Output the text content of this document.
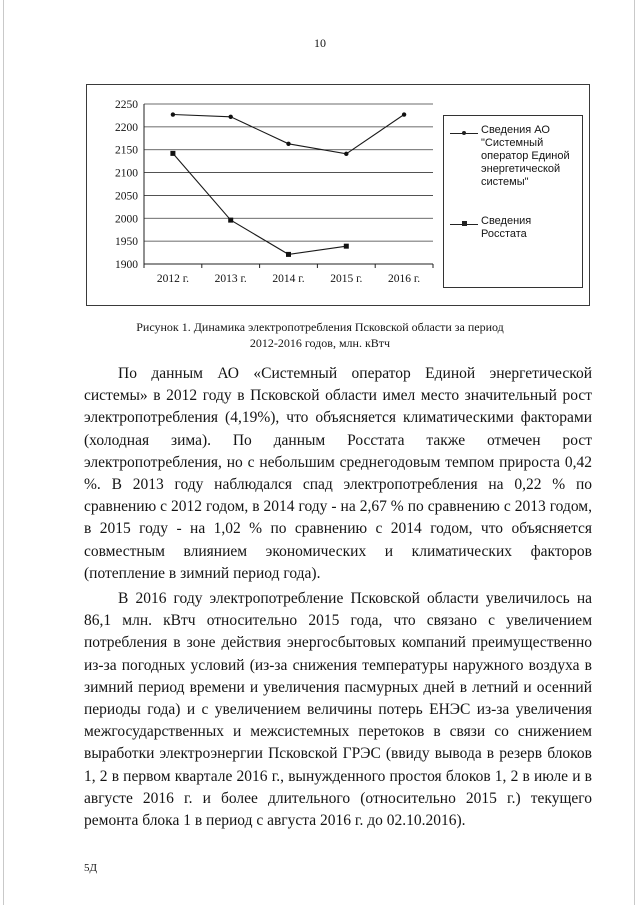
10
2250
2200
2150
2100
2050
2000
1950
1900
2012 г. 2013 г. 2014 г. 2015 г. 2016 г.
Сведения АО
"Системный
оператор Единой
энергетической
системы"
Сведения
Росстата
Рисунок 1. Динамика электропотребления Псковской области за период
2012-2016 годов, млн. кВтч

По данным АО «Системный оператор Единой энергетической системы» в 2012 году в Псковской области имел место значительный рост электропотребления (4,19%), что объясняется климатическими факторами (холодная зима). По данным Росстата также отмечен рост электропотребления, но с небольшим среднегодовым темпом прироста 0,42 %. В 2013 году наблюдался спад электропотребления на 0,22 % по сравнению с 2012 годом, в 2014 году - на 2,67 % по сравнению с 2013 годом, в 2015 году - на 1,02 % по сравнению с 2014 годом, что объясняется совместным влиянием экономических и климатических факторов (потепление в зимний период года).

В 2016 году электропотребление Псковской области увеличилось на 86,1 млн. кВтч относительно 2015 года, что связано с увеличением потребления в зоне действия энергосбытовых компаний преимущественно из-за погодных условий (из-за снижения температуры наружного воздуха в зимний период времени и увеличения пасмурных дней в летний и осенний периоды года) и с увеличением величины потерь ЕНЭС из-за увеличения межгосударственных и межсистемных перетоков в связи со снижением выработки электроэнергии Псковской ГРЭС (ввиду вывода в резерв блоков 1, 2 в первом квартале 2016 г., вынужденного простоя блоков 1, 2 в июле и в августе 2016 г. и более длительного (относительно 2015 г.) текущего ремонта блока 1 в период с августа 2016 г. до 02.10.2016).

5Д
